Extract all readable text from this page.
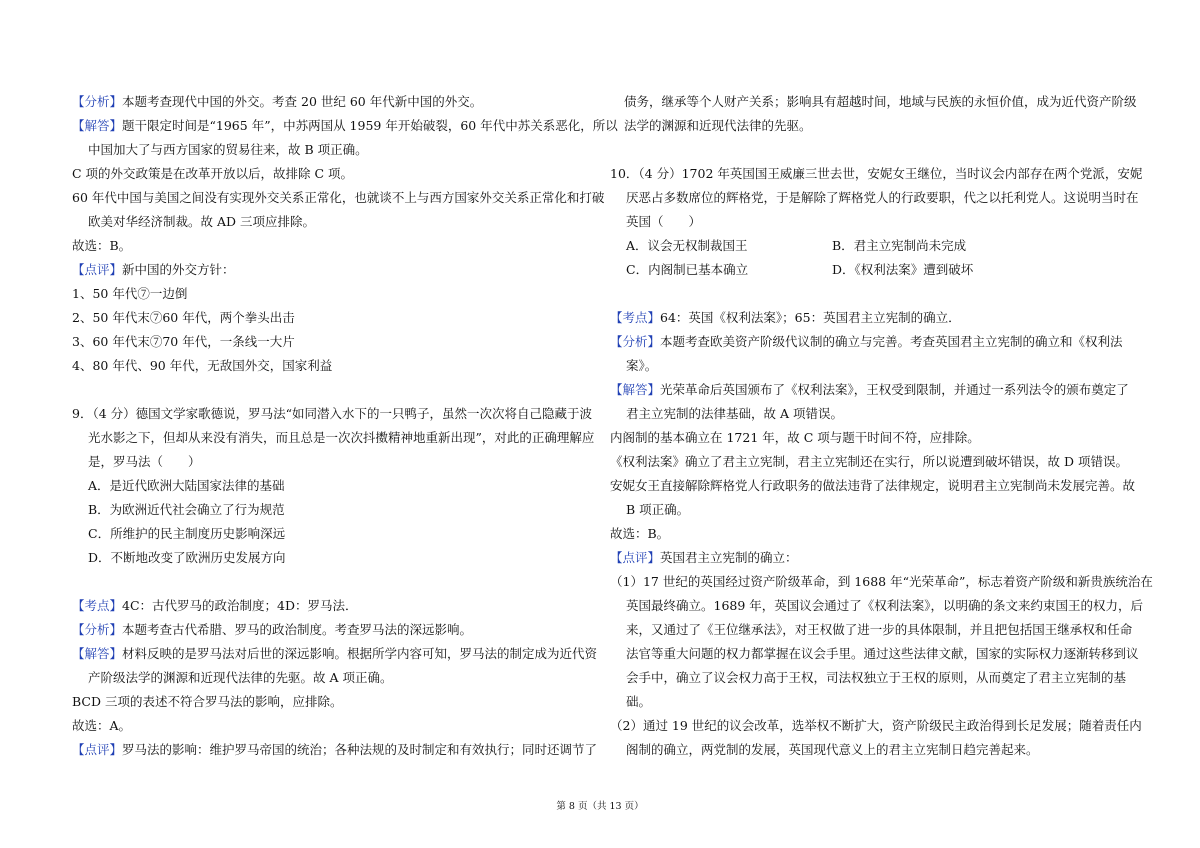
【分析】本题考查现代中国的外交。考查 20 世纪 60 年代新中国的外交。
【解答】题干限定时间是“1965 年”，中苏两国从 1959 年开始破裂，60 年代中苏关系恶化，所以
中国加大了与西方国家的贸易往来，故 B 项正确。
C 项的外交政策是在改革开放以后，故排除 C 项。
60 年代中国与美国之间没有实现外交关系正常化，也就谈不上与西方国家外交关系正常化和打破
欧美对华经济制裁。故 AD 三项应排除。
故选：B。
【点评】新中国的外交方针：
1、50 年代⑦一边倒
2、50 年代末⑦60 年代，两个拳头出击
3、60 年代末⑦70 年代，一条线一大片
4、80 年代、90 年代，无敌国外交，国家利益
9．（4 分）德国文学家歌德说，罗马法“如同潜入水下的一只鸭子，虽然一次次将自己隐藏于波
光水影之下，但却从来没有消失，而且总是一次次抖擞精神地重新出现”，对此的正确理解应
是，罗马法（　　）
A．是近代欧洲大陆国家法律的基础
B．为欧洲近代社会确立了行为规范
C．所维护的民主制度历史影响深远
D．不断地改变了欧洲历史发展方向
【考点】4C：古代罗马的政治制度；4D：罗马法．
【分析】本题考查古代希腊、罗马的政治制度。考查罗马法的深远影响。
【解答】材料反映的是罗马法对后世的深远影响。根据所学内容可知，罗马法的制定成为近代资
产阶级法学的渊源和近现代法律的先驱。故 A 项正确。
BCD 三项的表述不符合罗马法的影响，应排除。
故选：A。
【点评】罗马法的影响：维护罗马帝国的统治；各种法规的及时制定和有效执行；同时还调节了
债务，继承等个人财产关系；影响具有超越时间，地域与民族的永恒价值，成为近代资产阶级
法学的渊源和近现代法律的先驱。
10．（4 分）1702 年英国国王威廉三世去世，安妮女王继位，当时议会内部存在两个党派，安妮
厌恶占多数席位的辉格党，于是解除了辉格党人的行政要职，代之以托利党人。这说明当时在
英国（　　）
A．议会无权制裁国王	B．君主立宪制尚未完成
C．内阁制已基本确立	D．《权利法案》遭到破坏
【考点】64：英国《权利法案》；65：英国君主立宪制的确立．
【分析】本题考查欧美资产阶级代议制的确立与完善。考查英国君主立宪制的确立和《权利法
案》。
【解答】光荣革命后英国颁布了《权利法案》，王权受到限制，并通过一系列法令的颁布奠定了
君主立宪制的法律基础，故 A 项错误。
内阁制的基本确立在 1721 年，故 C 项与题干时间不符，应排除。
《权利法案》确立了君主立宪制，君主立宪制还在实行，所以说遭到破坏错误，故 D 项错误。
安妮女王直接解除辉格党人行政职务的做法违背了法律规定，说明君主立宪制尚未发展完善。故
B 项正确。
故选：B。
【点评】英国君主立宪制的确立：
（1）17 世纪的英国经过资产阶级革命，到 1688 年“光荣革命”，标志着资产阶级和新贵族统治在
英国最终确立。1689 年，英国议会通过了《权利法案》，以明确的条文来约束国王的权力，后
来，又通过了《王位继承法》，对王权做了进一步的具体限制，并且把包括国王继承权和任命
法官等重大问题的权力都掌握在议会手里。通过这些法律文献，国家的实际权力逐渐转移到议
会手中，确立了议会权力高于王权，司法权独立于王权的原则，从而奠定了君主立宪制的基
础。
（2）通过 19 世纪的议会改革，选举权不断扩大，资产阶级民主政治得到长足发展；随着责任内
阁制的确立，两党制的发展，英国现代意义上的君主立宪制日趋完善起来。
第 8 页（共 13 页）
